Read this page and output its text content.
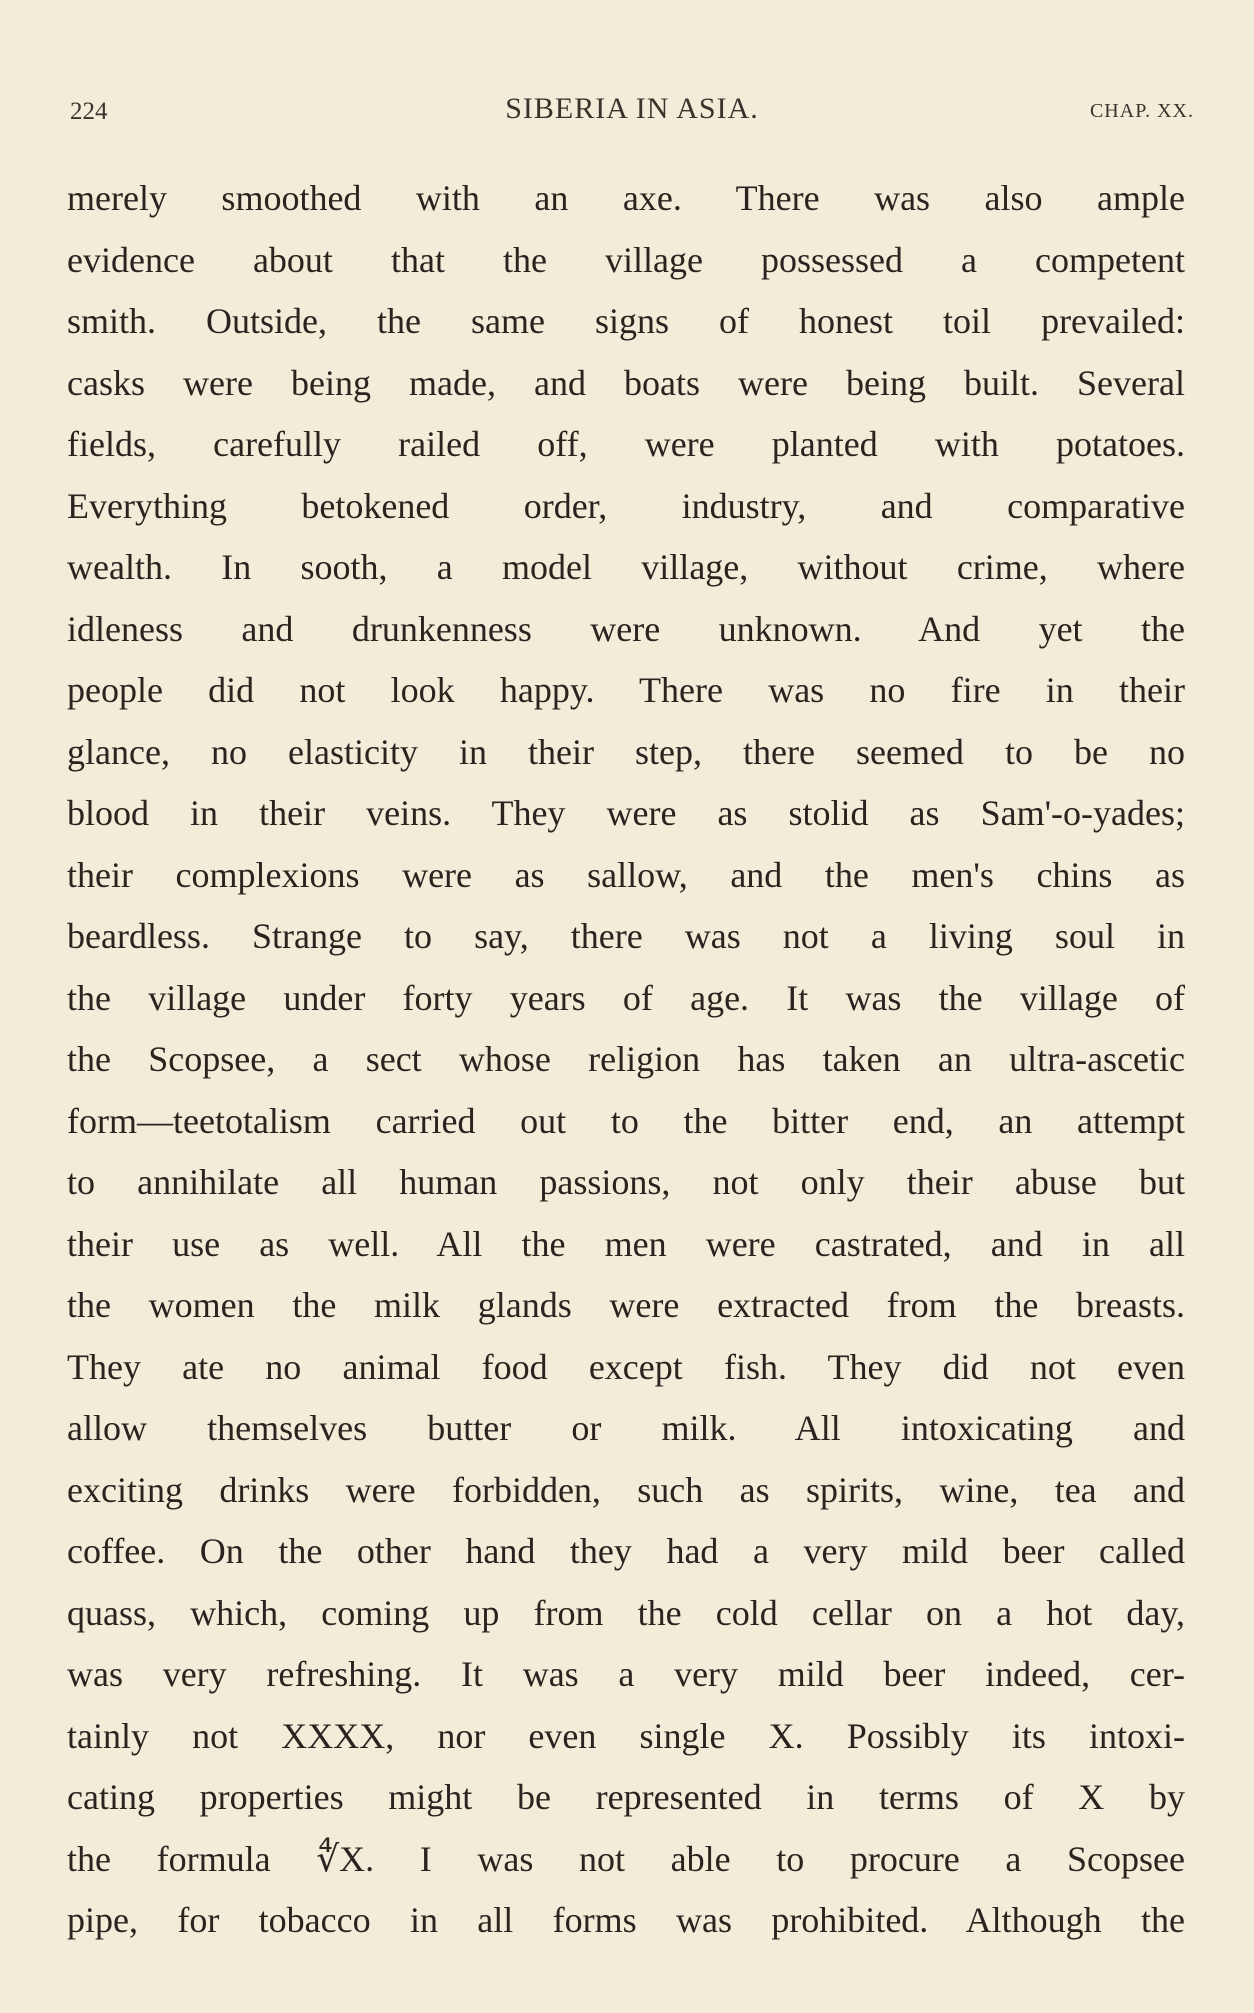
224	SIBERIA IN ASIA.	CHAP. XX.
merely smoothed with an axe. There was also ample
evidence about that the village possessed a competent
smith. Outside, the same signs of honest toil prevailed:
casks were being made, and boats were being built. Several
fields, carefully railed off, were planted with potatoes.
Everything betokened order, industry, and comparative
wealth. In sooth, a model village, without crime, where
idleness and drunkenness were unknown. And yet the
people did not look happy. There was no fire in their
glance, no elasticity in their step, there seemed to be no
blood in their veins. They were as stolid as Sam'-o-yades;
their complexions were as sallow, and the men's chins as
beardless. Strange to say, there was not a living soul in
the village under forty years of age. It was the village of
the Scopsee, a sect whose religion has taken an ultra-ascetic
form—teetotalism carried out to the bitter end, an attempt
to annihilate all human passions, not only their abuse but
their use as well. All the men were castrated, and in all
the women the milk glands were extracted from the breasts.
They ate no animal food except fish. They did not even
allow themselves butter or milk. All intoxicating and
exciting drinks were forbidden, such as spirits, wine, tea and
coffee. On the other hand they had a very mild beer called
quass, which, coming up from the cold cellar on a hot day,
was very refreshing. It was a very mild beer indeed, cer-
tainly not XXXX, nor even single X. Possibly its intoxi-
cating properties might be represented in terms of X by
the formula ∜X. I was not able to procure a Scopsee
pipe, for tobacco in all forms was prohibited. Although the
